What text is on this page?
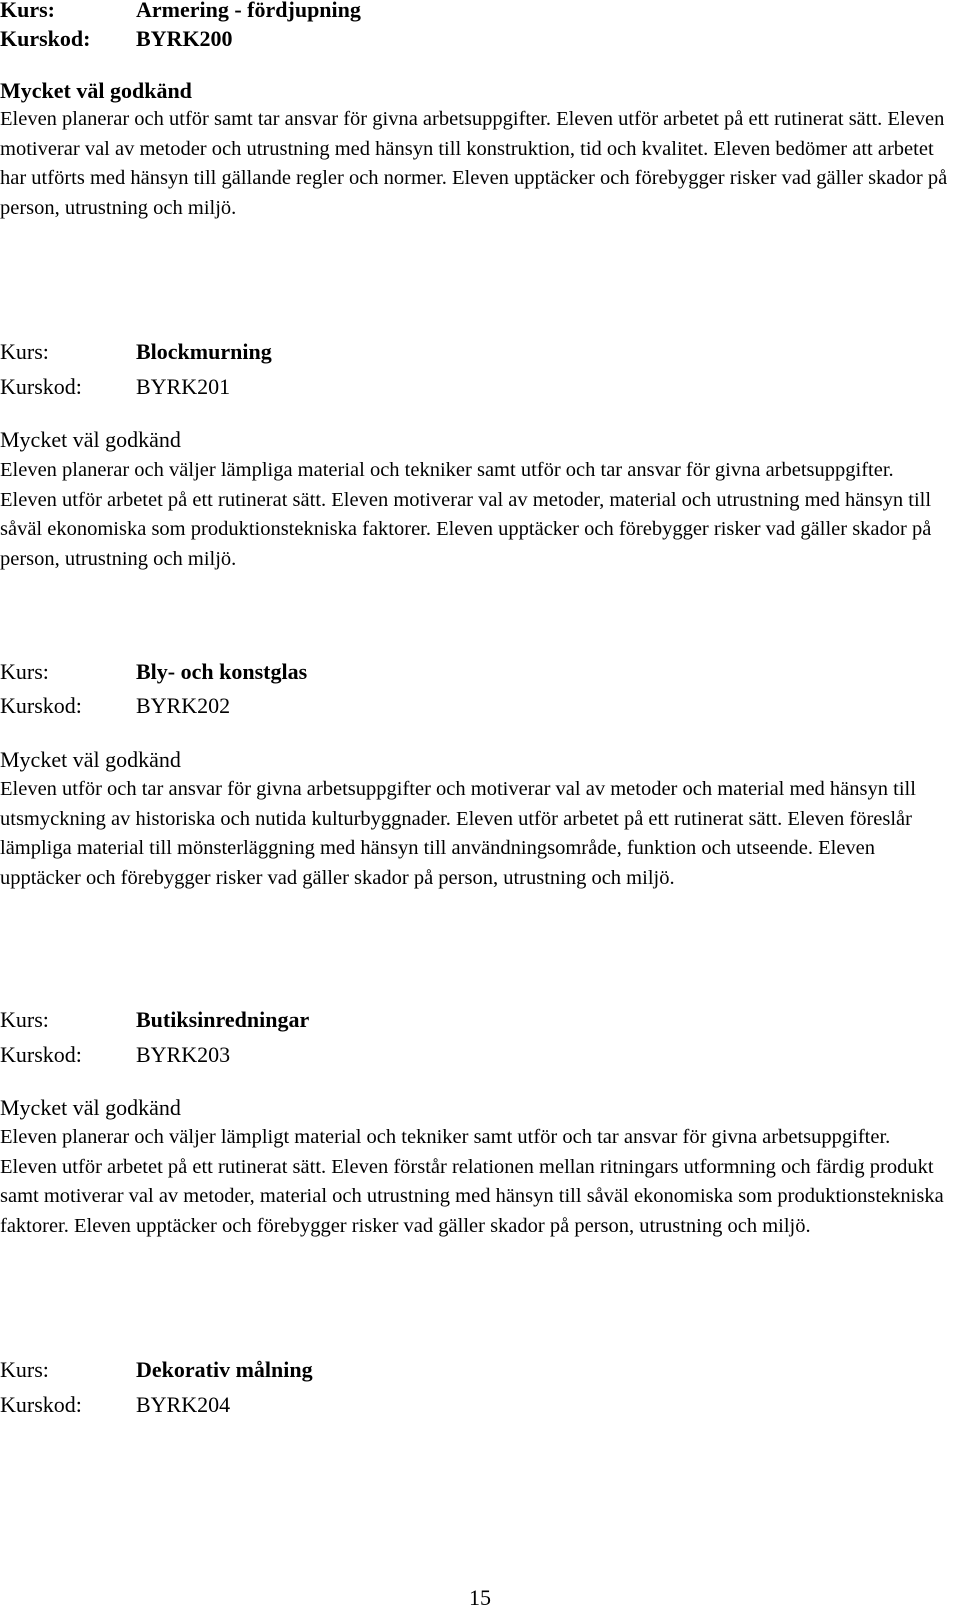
Kurs:	Armering - fördjupning
Kurskod: BYRK200
Mycket väl godkänd
Eleven planerar och utför samt tar ansvar för givna arbetsuppgifter. Eleven utför arbetet på ett rutinerat sätt. Eleven motiverar val av metoder och utrustning med hänsyn till konstruktion, tid och kvalitet. Eleven bedömer att arbetet har utförts med hänsyn till gällande regler och normer. Eleven upptäcker och förebygger risker vad gäller skador på person, utrustning och miljö.
Kurs:	Blockmurning
Kurskod: BYRK201
Mycket väl godkänd
Eleven planerar och väljer lämpliga material och tekniker samt utför och tar ansvar för givna arbetsuppgifter. Eleven utför arbetet på ett rutinerat sätt. Eleven motiverar val av metoder, material och utrustning med hänsyn till såväl ekonomiska som produktionstekniska faktorer. Eleven upptäcker och förebygger risker vad gäller skador på person, utrustning och miljö.
Kurs:	Bly- och konstglas
Kurskod: BYRK202
Mycket väl godkänd
Eleven utför och tar ansvar för givna arbetsuppgifter och motiverar val av metoder och material med hänsyn till utsmyckning av historiska och nutida kulturbyggnader. Eleven utför arbetet på ett rutinerat sätt. Eleven föreslår lämpliga material till mönsterläggning med hänsyn till användningsområde, funktion och utseende. Eleven upptäcker och förebygger risker vad gäller skador på person, utrustning och miljö.
Kurs:	Butiksinredningar
Kurskod: BYRK203
Mycket väl godkänd
Eleven planerar och väljer lämpligt material och tekniker samt utför och tar ansvar för givna arbetsuppgifter. Eleven utför arbetet på ett rutinerat sätt. Eleven förstår relationen mellan ritningars utformning och färdig produkt samt motiverar val av metoder, material och utrustning med hänsyn till såväl ekonomiska som produktionstekniska faktorer. Eleven upptäcker och förebygger risker vad gäller skador på person, utrustning och miljö.
Kurs:	Dekorativ målning
Kurskod: BYRK204
15
